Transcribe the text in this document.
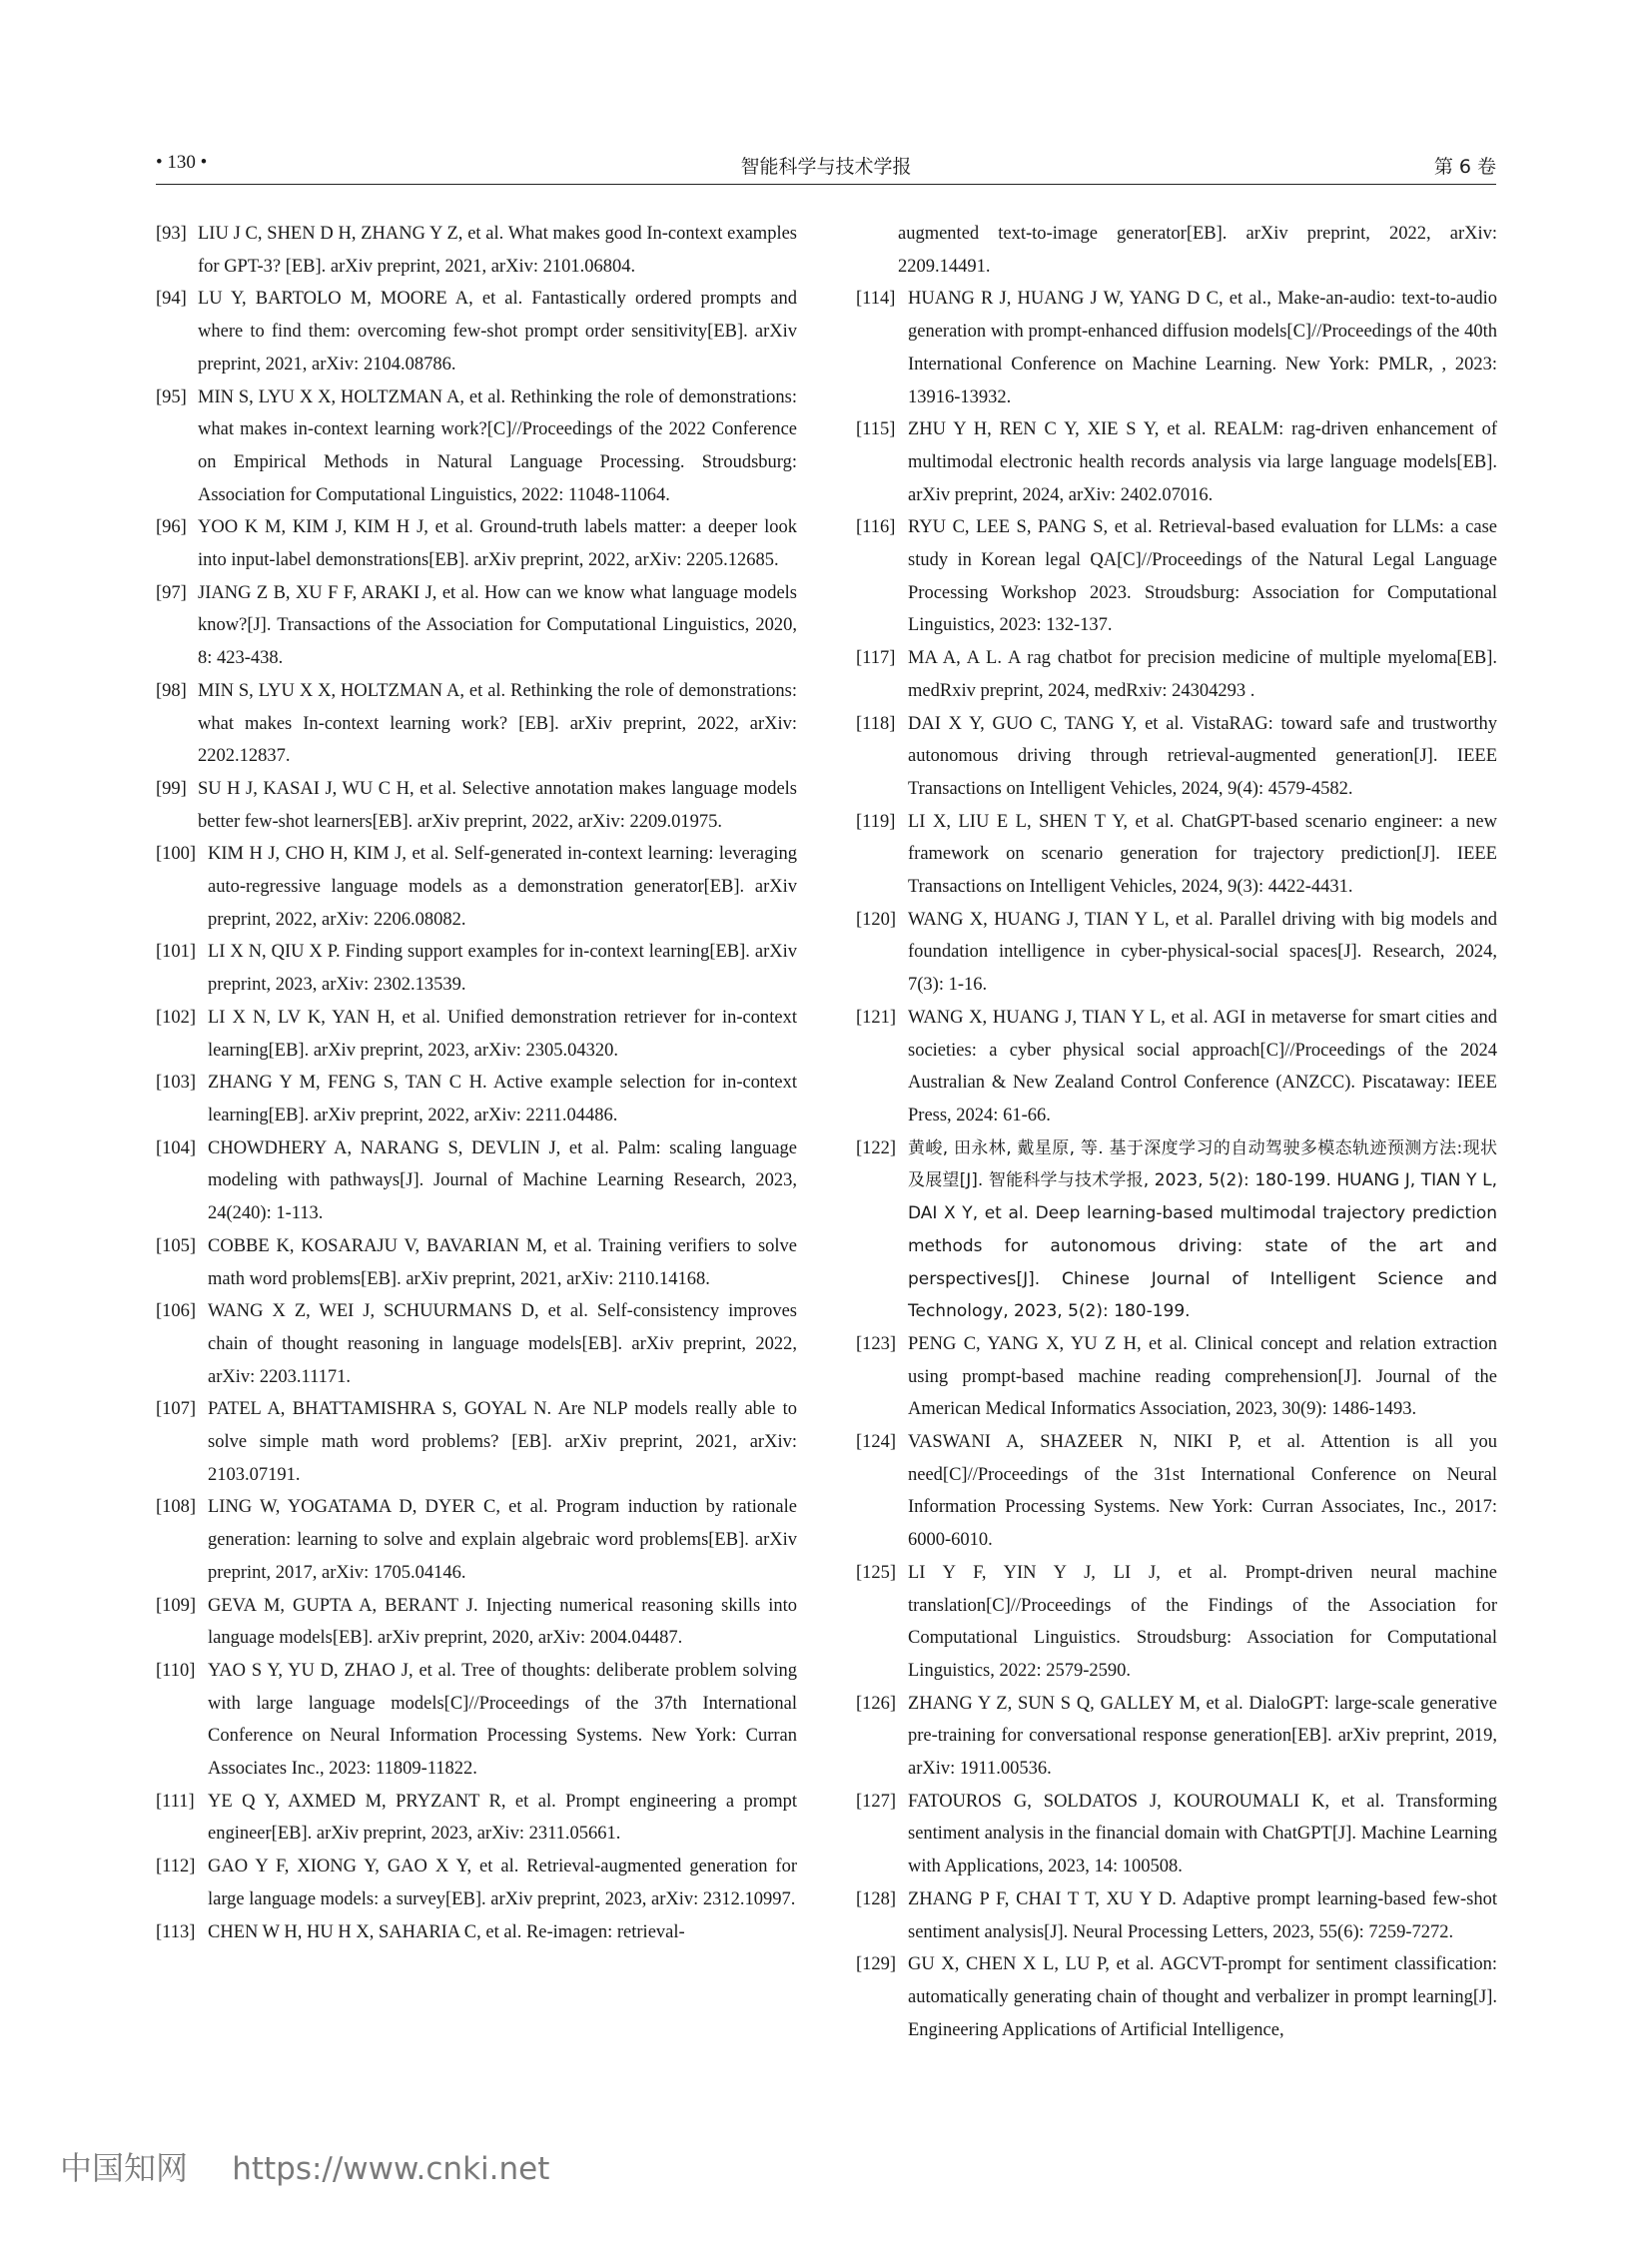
• 130 •	智能科学与技术学报	第 6 卷
[93] LIU J C, SHEN D H, ZHANG Y Z, et al. What makes good In-context examples for GPT-3? [EB]. arXiv preprint, 2021, arXiv: 2101.06804.
[94] LU Y, BARTOLO M, MOORE A, et al. Fantastically ordered prompts and where to find them: overcoming few-shot prompt order sensitivity[EB]. arXiv preprint, 2021, arXiv: 2104.08786.
[95] MIN S, LYU X X, HOLTZMAN A, et al. Rethinking the role of demonstrations: what makes in-context learning work?[C]//Proceedings of the 2022 Conference on Empirical Methods in Natural Language Processing. Stroudsburg: Association for Computational Linguistics, 2022: 11048-11064.
[96] YOO K M, KIM J, KIM H J, et al. Ground-truth labels matter: a deeper look into input-label demonstrations[EB]. arXiv preprint, 2022, arXiv: 2205.12685.
[97] JIANG Z B, XU F F, ARAKI J, et al. How can we know what language models know?[J]. Transactions of the Association for Computational Linguistics, 2020, 8: 423-438.
[98] MIN S, LYU X X, HOLTZMAN A, et al. Rethinking the role of demonstrations: what makes In-context learning work? [EB]. arXiv preprint, 2022, arXiv: 2202.12837.
[99] SU H J, KASAI J, WU C H, et al. Selective annotation makes language models better few-shot learners[EB]. arXiv preprint, 2022, arXiv: 2209.01975.
[100] KIM H J, CHO H, KIM J, et al. Self-generated in-context learning: leveraging auto-regressive language models as a demonstration generator[EB]. arXiv preprint, 2022, arXiv: 2206.08082.
[101] LI X N, QIU X P. Finding support examples for in-context learning[EB]. arXiv preprint, 2023, arXiv: 2302.13539.
[102] LI X N, LV K, YAN H, et al. Unified demonstration retriever for in-context learning[EB]. arXiv preprint, 2023, arXiv: 2305.04320.
[103] ZHANG Y M, FENG S, TAN C H. Active example selection for in-context learning[EB]. arXiv preprint, 2022, arXiv: 2211.04486.
[104] CHOWDHERY A, NARANG S, DEVLIN J, et al. Palm: scaling language modeling with pathways[J]. Journal of Machine Learning Research, 2023, 24(240): 1-113.
[105] COBBE K, KOSARAJU V, BAVARIAN M, et al. Training verifiers to solve math word problems[EB]. arXiv preprint, 2021, arXiv: 2110.14168.
[106] WANG X Z, WEI J, SCHUURMANS D, et al. Self-consistency improves chain of thought reasoning in language models[EB]. arXiv preprint, 2022, arXiv: 2203.11171.
[107] PATEL A, BHATTAMISHRA S, GOYAL N. Are NLP models really able to solve simple math word problems? [EB]. arXiv preprint, 2021, arXiv: 2103.07191.
[108] LING W, YOGATAMA D, DYER C, et al. Program induction by rationale generation: learning to solve and explain algebraic word problems[EB]. arXiv preprint, 2017, arXiv: 1705.04146.
[109] GEVA M, GUPTA A, BERANT J. Injecting numerical reasoning skills into language models[EB]. arXiv preprint, 2020, arXiv: 2004.04487.
[110] YAO S Y, YU D, ZHAO J, et al. Tree of thoughts: deliberate problem solving with large language models[C]//Proceedings of the 37th International Conference on Neural Information Processing Systems. New York: Curran Associates Inc., 2023: 11809-11822.
[111] YE Q Y, AXMED M, PRYZANT R, et al. Prompt engineering a prompt engineer[EB]. arXiv preprint, 2023, arXiv: 2311.05661.
[112] GAO Y F, XIONG Y, GAO X Y, et al. Retrieval-augmented generation for large language models: a survey[EB]. arXiv preprint, 2023, arXiv: 2312.10997.
[113] CHEN W H, HU H X, SAHARIA C, et al. Re-imagen: retrieval-
augmented text-to-image generator[EB]. arXiv preprint, 2022, arXiv: 2209.14491.
[114] HUANG R J, HUANG J W, YANG D C, et al., Make-an-audio: text-to-audio generation with prompt-enhanced diffusion models[C]//Proceedings of the 40th International Conference on Machine Learning. New York: PMLR, , 2023: 13916-13932.
[115] ZHU Y H, REN C Y, XIE S Y, et al. REALM: rag-driven enhancement of multimodal electronic health records analysis via large language models[EB]. arXiv preprint, 2024, arXiv: 2402.07016.
[116] RYU C, LEE S, PANG S, et al. Retrieval-based evaluation for LLMs: a case study in Korean legal QA[C]//Proceedings of the Natural Legal Language Processing Workshop 2023. Stroudsburg: Association for Computational Linguistics, 2023: 132-137.
[117] MA A, A L. A rag chatbot for precision medicine of multiple myeloma[EB]. medRxiv preprint, 2024, medRxiv: 24304293 .
[118] DAI X Y, GUO C, TANG Y, et al. VistaRAG: toward safe and trustworthy autonomous driving through retrieval-augmented generation[J]. IEEE Transactions on Intelligent Vehicles, 2024, 9(4): 4579-4582.
[119] LI X, LIU E L, SHEN T Y, et al. ChatGPT-based scenario engineer: a new framework on scenario generation for trajectory prediction[J]. IEEE Transactions on Intelligent Vehicles, 2024, 9(3): 4422-4431.
[120] WANG X, HUANG J, TIAN Y L, et al. Parallel driving with big models and foundation intelligence in cyber-physical-social spaces[J]. Research, 2024, 7(3): 1-16.
[121] WANG X, HUANG J, TIAN Y L, et al. AGI in metaverse for smart cities and societies: a cyber physical social approach[C]//Proceedings of the 2024 Australian & New Zealand Control Conference (ANZCC). Piscataway: IEEE Press, 2024: 61-66.
[122] 黄峻, 田永林, 戴星原, 等. 基于深度学习的自动驾驶多模态轨迹预测方法:现状及展望[J]. 智能科学与技术学报, 2023, 5(2): 180-199. HUANG J, TIAN Y L, DAI X Y, et al. Deep learning-based multimodal trajectory prediction methods for autonomous driving: state of the art and perspectives[J]. Chinese Journal of Intelligent Science and Technology, 2023, 5(2): 180-199.
[123] PENG C, YANG X, YU Z H, et al. Clinical concept and relation extraction using prompt-based machine reading comprehension[J]. Journal of the American Medical Informatics Association, 2023, 30(9): 1486-1493.
[124] VASWANI A, SHAZEER N, NIKI P, et al. Attention is all you need[C]//Proceedings of the 31st International Conference on Neural Information Processing Systems. New York: Curran Associates, Inc., 2017: 6000-6010.
[125] LI Y F, YIN Y J, LI J, et al. Prompt-driven neural machine translation[C]//Proceedings of the Findings of the Association for Computational Linguistics. Stroudsburg: Association for Computational Linguistics, 2022: 2579-2590.
[126] ZHANG Y Z, SUN S Q, GALLEY M, et al. DialoGPT: large-scale generative pre-training for conversational response generation[EB]. arXiv preprint, 2019, arXiv: 1911.00536.
[127] FATOUROS G, SOLDATOS J, KOUROUMALI K, et al. Transforming sentiment analysis in the financial domain with ChatGPT[J]. Machine Learning with Applications, 2023, 14: 100508.
[128] ZHANG P F, CHAI T T, XU Y D. Adaptive prompt learning-based few-shot sentiment analysis[J]. Neural Processing Letters, 2023, 55(6): 7259-7272.
[129] GU X, CHEN X L, LU P, et al. AGCVT-prompt for sentiment classification: automatically generating chain of thought and verbalizer in prompt learning[J]. Engineering Applications of Artificial Intelligence,
中国知网 https://www.cnki.net
